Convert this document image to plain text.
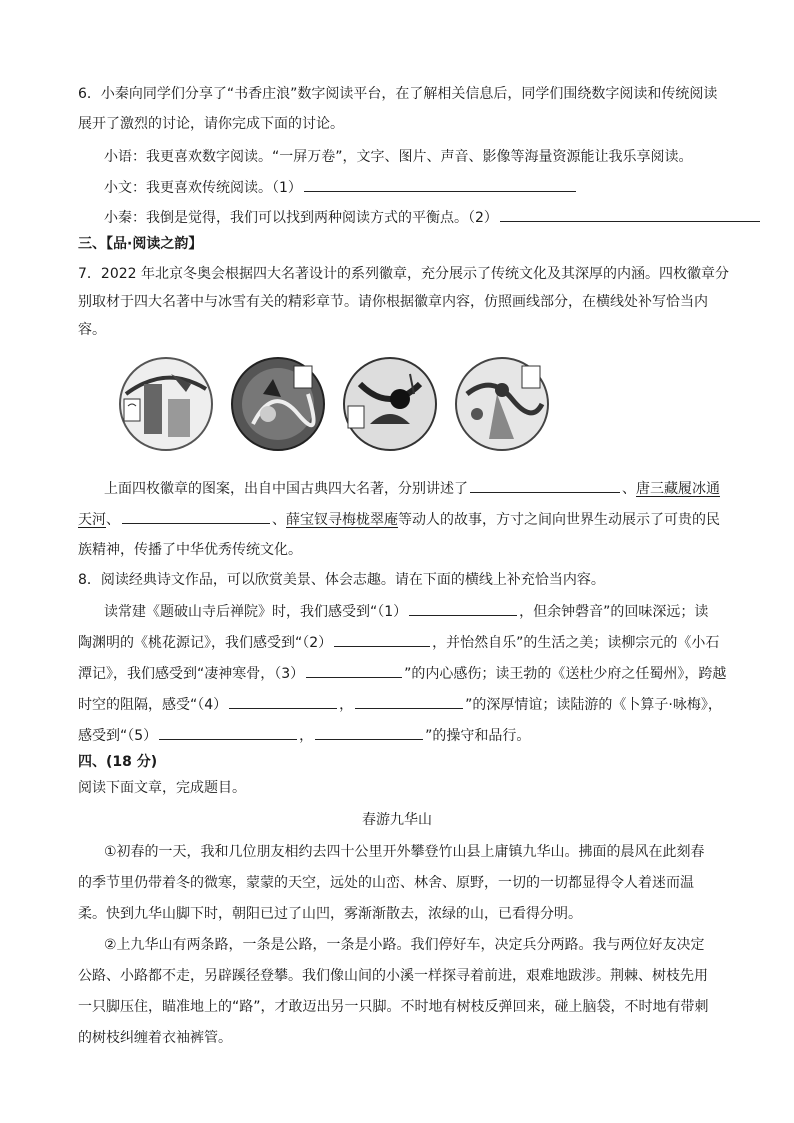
6．小秦向同学们分享了“书香庄浪”数字阅读平台，在了解相关信息后，同学们围绕数字阅读和传统阅读
展开了激烈的讨论，请你完成下面的讨论。
小语：我更喜欢数字阅读。“一屏万卷”，文字、图片、声音、影像等海量资源能让我乐享阅读。
小文：我更喜欢传统阅读。（1）
小秦：我倒是觉得，我们可以找到两种阅读方式的平衡点。（2）
三、【品·阅读之韵】
7．2022 年北京冬奥会根据四大名著设计的系列徽章，充分展示了传统文化及其深厚的内涵。四枚徽章分
别取材于四大名著中与冰雪有关的精彩章节。请你根据徽章内容，仿照画线部分，在横线处补写恰当内
容。
上面四枚徽章的图案，出自中国古典四大名著，分别讲述了	、唐三藏履冰通
天河、	、薛宝钗寻梅栊翠庵等动人的故事，方寸之间向世界生动展示了可贵的民
族精神，传播了中华优秀传统文化。
8．阅读经典诗文作品，可以欣赏美景、体会志趣。请在下面的横线上补充恰当内容。
读常建《题破山寺后禅院》时，我们感受到“（1）	，但余钟磬音”的回味深远；读
陶渊明的《桃花源记》，我们感受到“（2）	，并怡然自乐”的生活之美；读柳宗元的《小石
潭记》，我们感受到“凄神寒骨，（3）	”的内心感伤；读王勃的《送杜少府之任蜀州》，跨越
时空的阻隔，感受“（4）	，	”的深厚情谊；读陆游的《卜算子·咏梅》，
感受到“（5）	，	”的操守和品行。
四、(18 分)
阅读下面文章，完成题目。
春游九华山
①初春的一天，我和几位朋友相约去四十公里开外攀登竹山县上庸镇九华山。拂面的晨风在此刻春
的季节里仍带着冬的微寒，蒙蒙的天空，远处的山峦、林舍、原野，一切的一切都显得令人着迷而温
柔。快到九华山脚下时，朝阳已过了山凹，雾渐渐散去，浓绿的山，已看得分明。
②上九华山有两条路，一条是公路，一条是小路。我们停好车，决定兵分两路。我与两位好友决定
公路、小路都不走，另辟蹊径登攀。我们像山间的小溪一样探寻着前进，艰难地跋涉。荆棘、树枝先用
一只脚压住，瞄准地上的“路”，才敢迈出另一只脚。不时地有树枝反弹回来，碰上脑袋，不时地有带刺
的树枝纠缠着衣袖裤管。
